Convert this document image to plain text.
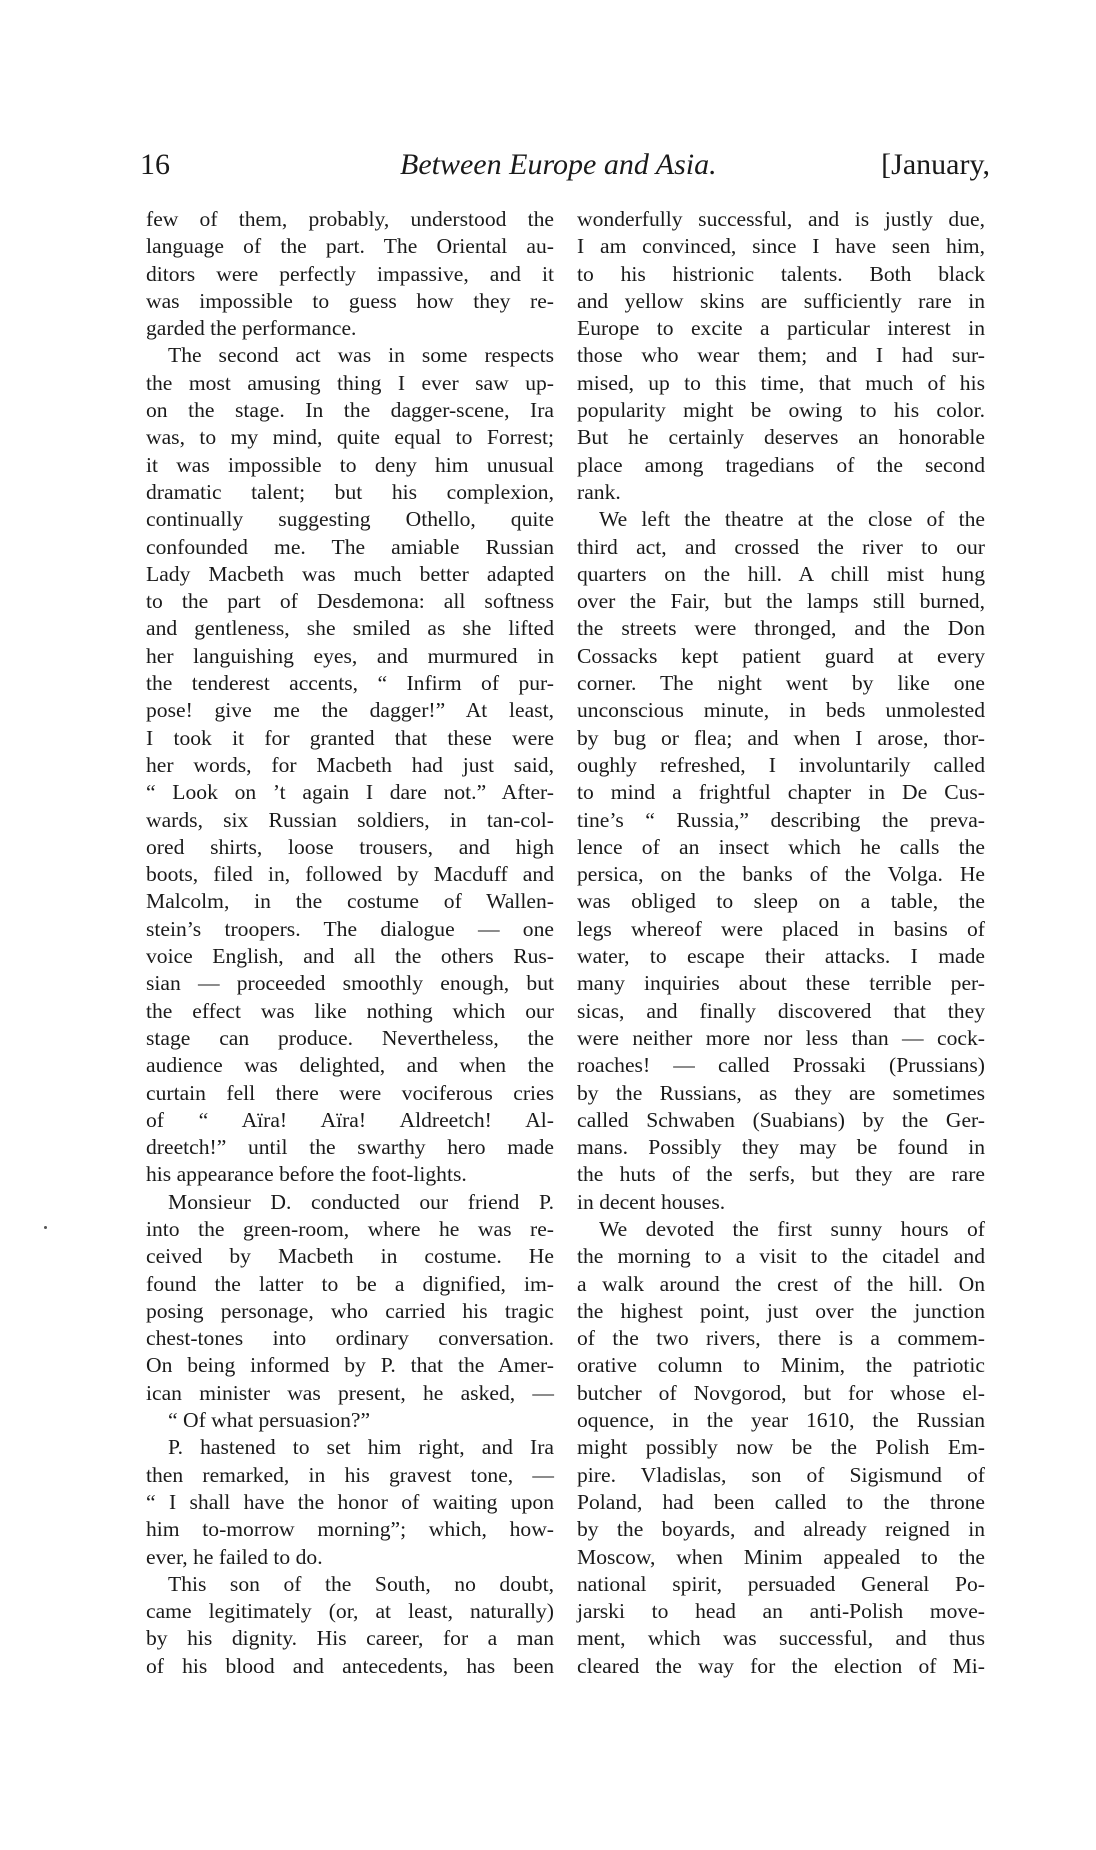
16	Between Europe and Asia.	[January,
few of them, probably, understood the
language of the part. The Oriental au-
ditors were perfectly impassive, and it
was impossible to guess how they re-
garded the performance.
The second act was in some respects
the most amusing thing I ever saw up-
on the stage. In the dagger-scene, Ira
was, to my mind, quite equal to Forrest;
it was impossible to deny him unusual
dramatic talent; but his complexion,
continually suggesting Othello, quite
confounded me. The amiable Russian
Lady Macbeth was much better adapted
to the part of Desdemona: all softness
and gentleness, she smiled as she lifted
her languishing eyes, and murmured in
the tenderest accents, “ Infirm of pur-
pose! give me the dagger!” At least,
I took it for granted that these were
her words, for Macbeth had just said,
“ Look on ’t again I dare not.” After-
wards, six Russian soldiers, in tan-col-
ored shirts, loose trousers, and high
boots, filed in, followed by Macduff and
Malcolm, in the costume of Wallen-
stein’s troopers. The dialogue — one
voice English, and all the others Rus-
sian — proceeded smoothly enough, but
the effect was like nothing which our
stage can produce. Nevertheless, the
audience was delighted, and when the
curtain fell there were vociferous cries
of “ Aïra! Aïra! Aldreetch! Al-
dreetch!” until the swarthy hero made
his appearance before the foot-lights.
Monsieur D. conducted our friend P.
into the green-room, where he was re-
ceived by Macbeth in costume. He
found the latter to be a dignified, im-
posing personage, who carried his tragic
chest-tones into ordinary conversation.
On being informed by P. that the Amer-
ican minister was present, he asked, —
“ Of what persuasion?”
P. hastened to set him right, and Ira
then remarked, in his gravest tone, —
“ I shall have the honor of waiting upon
him to-morrow morning”; which, how-
ever, he failed to do.
This son of the South, no doubt,
came legitimately (or, at least, naturally)
by his dignity. His career, for a man
of his blood and antecedents, has been
wonderfully successful, and is justly due,
I am convinced, since I have seen him,
to his histrionic talents. Both black
and yellow skins are sufficiently rare in
Europe to excite a particular interest in
those who wear them; and I had sur-
mised, up to this time, that much of his
popularity might be owing to his color.
But he certainly deserves an honorable
place among tragedians of the second
rank.
We left the theatre at the close of the
third act, and crossed the river to our
quarters on the hill. A chill mist hung
over the Fair, but the lamps still burned,
the streets were thronged, and the Don
Cossacks kept patient guard at every
corner. The night went by like one
unconscious minute, in beds unmolested
by bug or flea; and when I arose, thor-
oughly refreshed, I involuntarily called
to mind a frightful chapter in De Cus-
tine’s “ Russia,” describing the preva-
lence of an insect which he calls the
persica, on the banks of the Volga. He
was obliged to sleep on a table, the
legs whereof were placed in basins of
water, to escape their attacks. I made
many inquiries about these terrible per-
sicas, and finally discovered that they
were neither more nor less than — cock-
roaches! — called Prossaki (Prussians)
by the Russians, as they are sometimes
called Schwaben (Suabians) by the Ger-
mans. Possibly they may be found in
the huts of the serfs, but they are rare
in decent houses.
We devoted the first sunny hours of
the morning to a visit to the citadel and
a walk around the crest of the hill. On
the highest point, just over the junction
of the two rivers, there is a commem-
orative column to Minim, the patriotic
butcher of Novgorod, but for whose el-
oquence, in the year 1610, the Russian
might possibly now be the Polish Em-
pire. Vladislas, son of Sigismund of
Poland, had been called to the throne
by the boyards, and already reigned in
Moscow, when Minim appealed to the
national spirit, persuaded General Po-
jarski to head an anti-Polish move-
ment, which was successful, and thus
cleared the way for the election of Mi-
